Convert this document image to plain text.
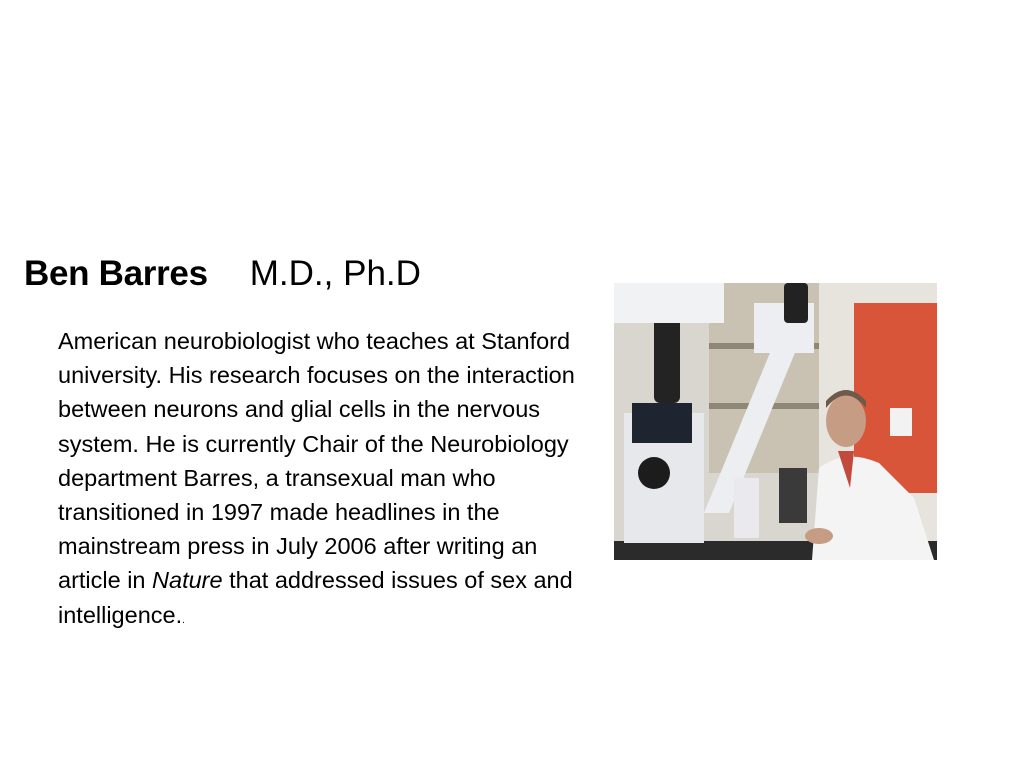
Ben Barres M.D., Ph.D
American neurobiologist who teaches at Stanford university. His research focuses on the interaction between neurons and glial cells in the nervous system. He is currently Chair of the Neurobiology department Barres, a transexual man who transitioned in 1997 made headlines in the mainstream press in July 2006 after writing an article in Nature that addressed issues of sex and intelligence..
